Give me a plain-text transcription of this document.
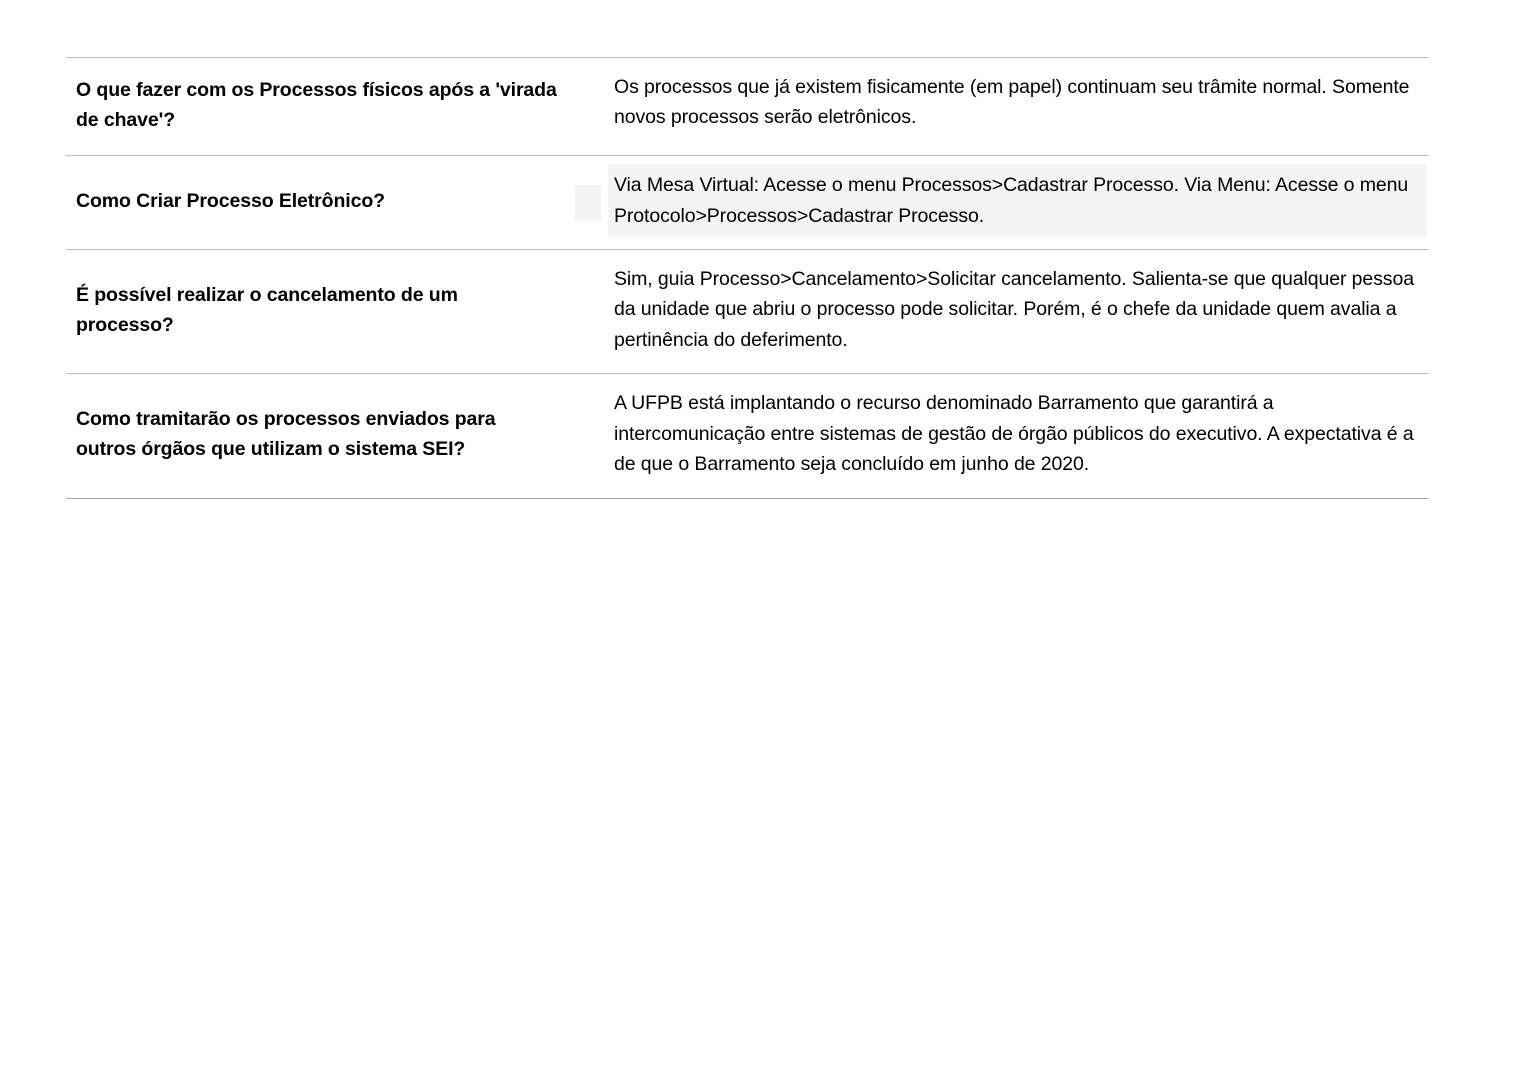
O que fazer com os Processos físicos após a 'virada de chave'?		Os processos que já existem fisicamente (em papel) continuam seu trâmite normal. Somente novos processos serão eletrônicos.

Como Criar Processo Eletrônico?		Via Mesa Virtual: Acesse o menu Processos>Cadastrar Processo. Via Menu: Acesse o menu Protocolo>Processos>Cadastrar Processo.

É possível realizar o cancelamento de um processo?		Sim, guia Processo>Cancelamento>Solicitar cancelamento. Salienta-se que qualquer pessoa da unidade que abriu o processo pode solicitar. Porém, é o chefe da unidade quem avalia a pertinência do deferimento.

Como tramitarão os processos enviados para outros órgãos que utilizam o sistema SEI?		A UFPB está implantando o recurso denominado Barramento que garantirá a intercomunicação entre sistemas de gestão de órgão públicos do executivo. A expectativa é a de que o Barramento seja concluído em junho de 2020.
